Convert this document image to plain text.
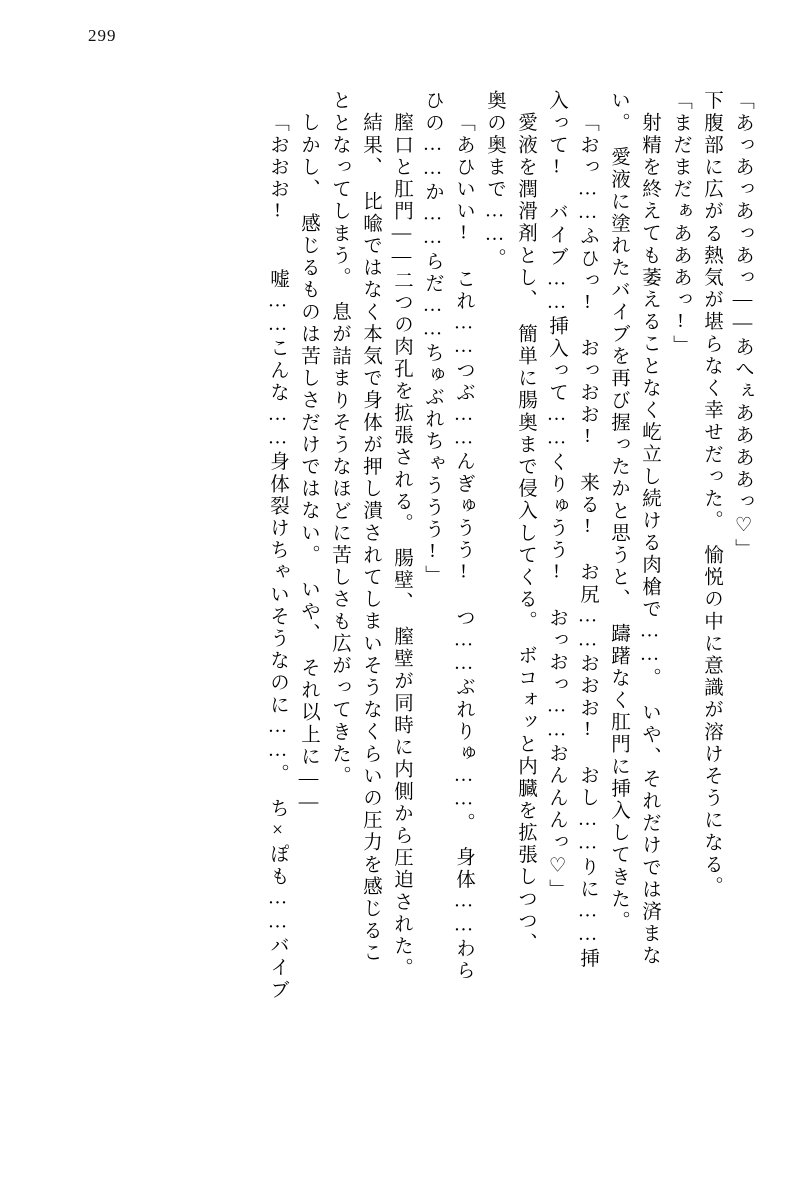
299
「あっあっあっあっ――あへぇああああっ♡」
下腹部に広がる熱気が堪らなく幸せだった。　愉悦の中に意識が溶けそうになる。
「まだまだぁあああっ!」
射精を終えても萎えることなく屹立し続ける肉槍で……。　いや、それだけでは済まな
い。　愛液に塗れたバイブを再び握ったかと思うと、　躊躇なく肛門に挿入してきた。
「おっ……ふひっ!　おっおお!　来る!　お尻……おおお!　おし……りに……挿
入って!　バイブ……挿入って……くりゅうう!　おっおっ……おんんんっ♡」
愛液を潤滑剤とし、　簡単に腸奥まで侵入してくる。　ボコォッと内臓を拡張しつつ、
奥の奥まで……。
「あひいい!　これ……つぶ……んぎゅうう!　つ……ぶれりゅ……。　身体……わら
ひの……か……らだ……ちゅぶれちゃううう!」
膣口と肛門――二つの肉孔を拡張される。　腸壁、　膣壁が同時に内側から圧迫された。
結果、　比喩ではなく本気で身体が押し潰されてしまいそうなくらいの圧力を感じるこ
ととなってしまう。　息が詰まりそうなほどに苦しさも広がってきた。
しかし、　感じるものは苦しさだけではない。　いや、　それ以上に――
「おおお!　　嘘……こんな……身体裂けちゃいそうなのに……。　ち×ぽも……バイブ
